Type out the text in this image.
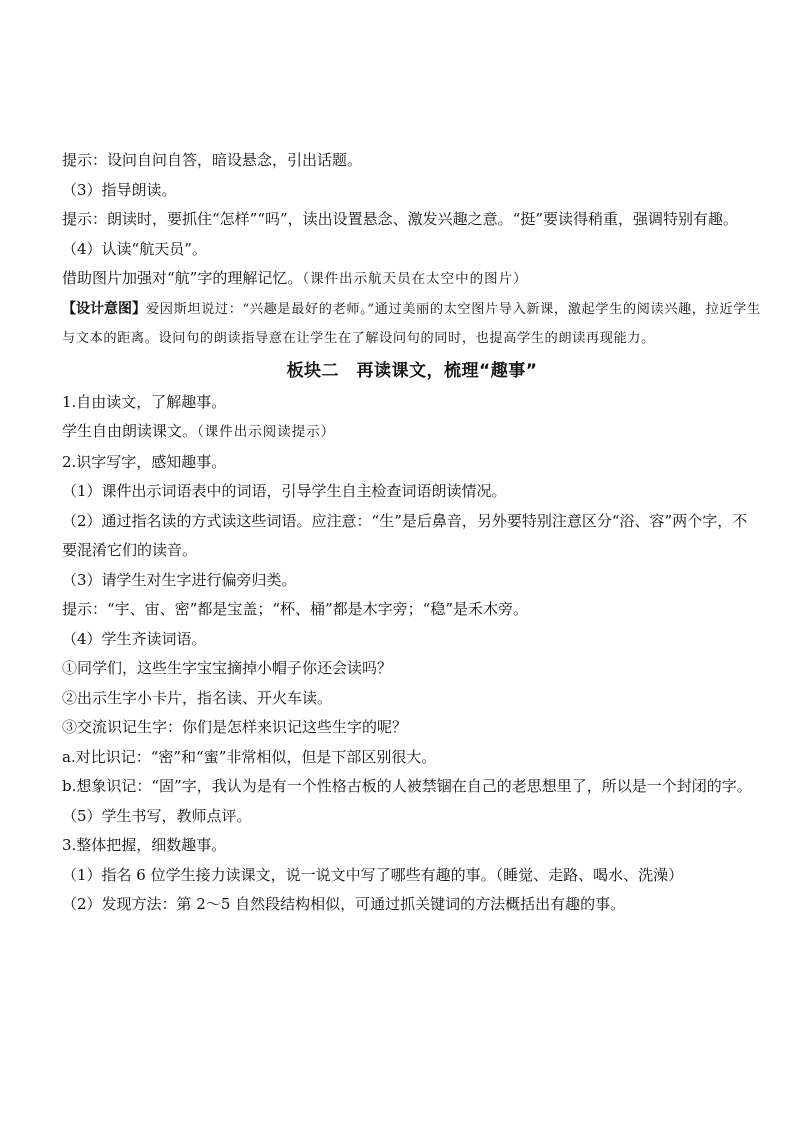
提示：设问自问自答，暗设悬念，引出话题。

（3）指导朗读。

提示：朗读时，要抓住“怎样”“吗”，读出设置悬念、激发兴趣之意。“挺”要读得稍重，强调特别有趣。

（4）认读“航天员”。

借助图片加强对“航”字的理解记忆。（课件出示航天员在太空中的图片）

【设计意图】爱因斯坦说过：“兴趣是最好的老师。”通过美丽的太空图片导入新课，激起学生的阅读兴趣，拉近学生与文本的距离。设问句的朗读指导意在让学生在了解设问句的同时，也提高学生的朗读再现能力。

板块二　再读课文，梳理“趣事”

1.自由读文，了解趣事。

学生自由朗读课文。（课件出示阅读提示）

2.识字写字，感知趣事。

（1）课件出示词语表中的词语，引导学生自主检查词语朗读情况。

（2）通过指名读的方式读这些词语。应注意：“生”是后鼻音，另外要特别注意区分“浴、容”两个字，不要混淆它们的读音。

（3）请学生对生字进行偏旁归类。

提示：“宇、宙、密”都是宝盖；“杯、桶”都是木字旁；“稳”是禾木旁。

（4）学生齐读词语。

①同学们，这些生字宝宝摘掉小帽子你还会读吗？

②出示生字小卡片，指名读、开火车读。

③交流识记生字：你们是怎样来识记这些生字的呢？

a.对比识记：“密”和“蜜”非常相似，但是下部区别很大。

b.想象识记：“固”字，我认为是有一个性格古板的人被禁锢在自己的老思想里了，所以是一个封闭的字。

（5）学生书写，教师点评。

3.整体把握，细数趣事。

（1）指名 6 位学生接力读课文，说一说文中写了哪些有趣的事。（睡觉、走路、喝水、洗澡）

（2）发现方法：第 2～5 自然段结构相似，可通过抓关键词的方法概括出有趣的事。
